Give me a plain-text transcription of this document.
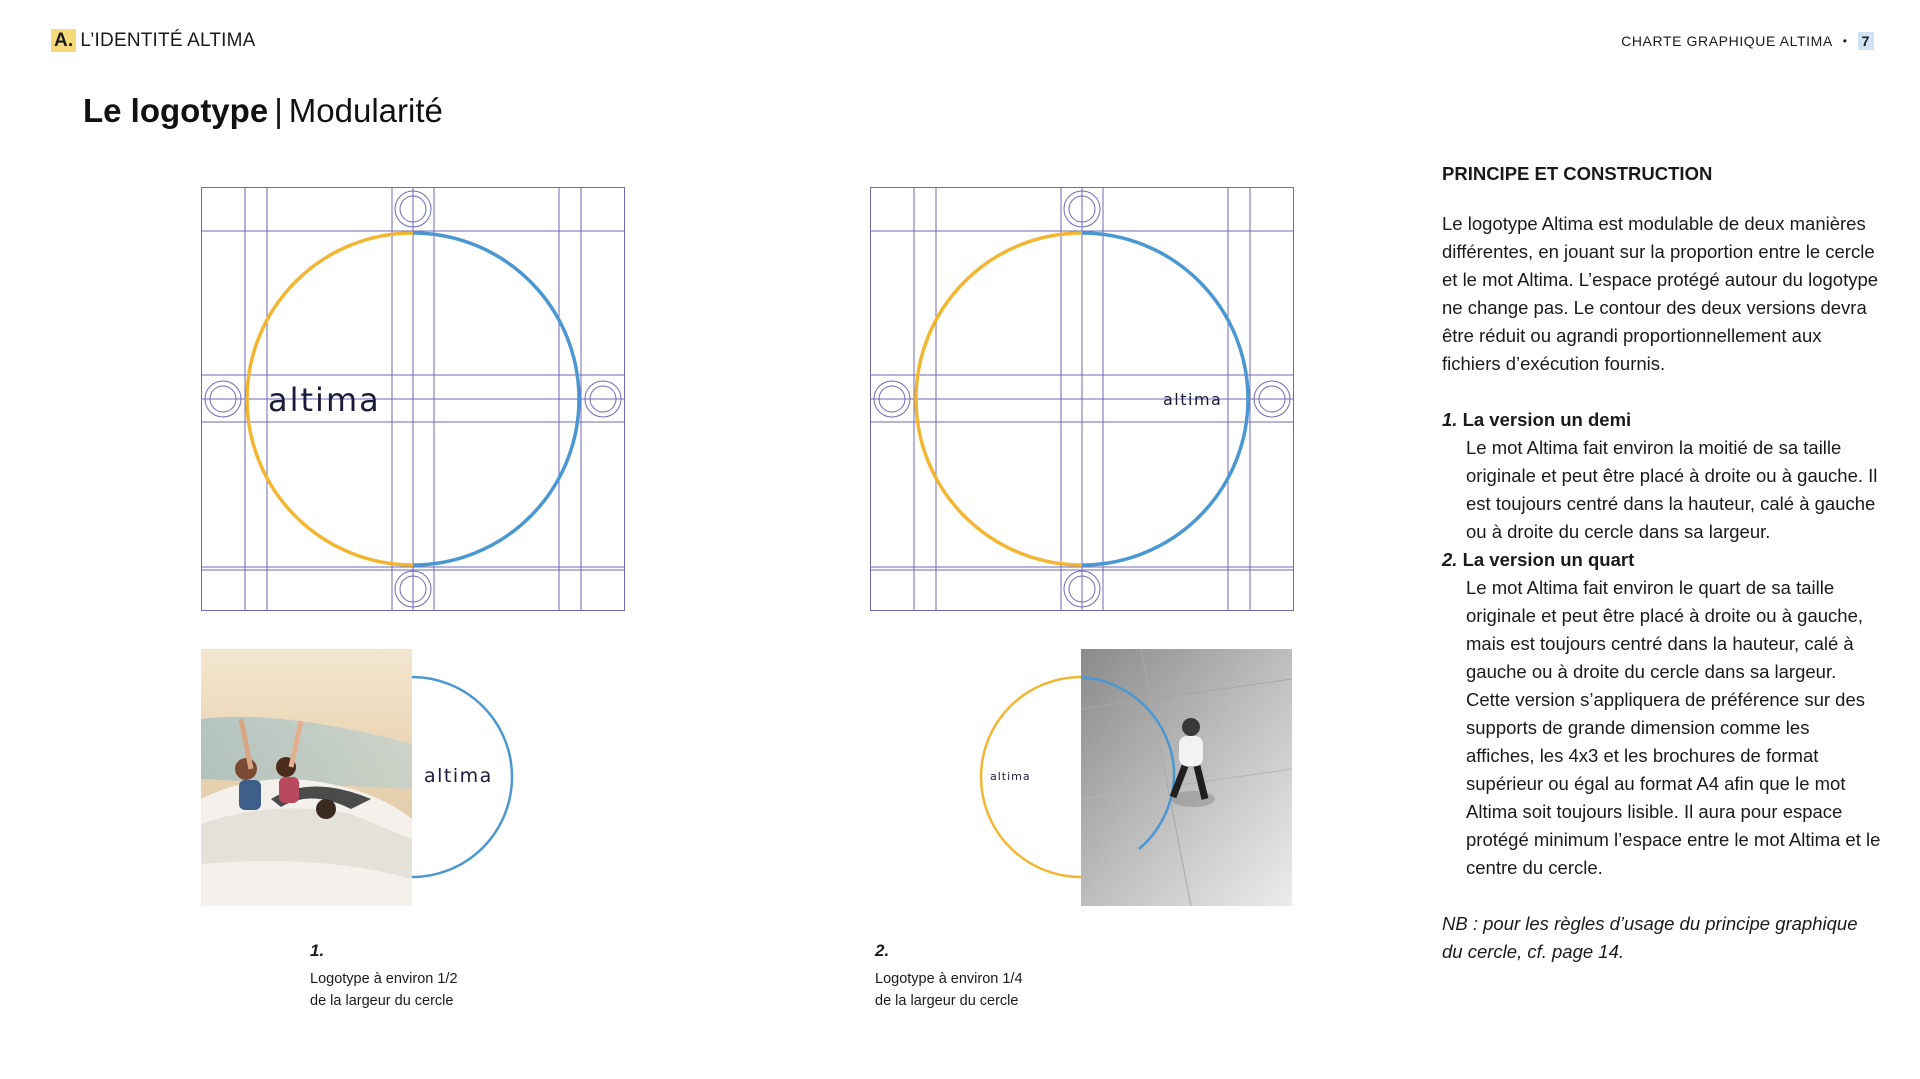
A. L’IDENTITÉ ALTIMA	CHARTE GRAPHIQUE ALTIMA • 7
Le logotype | Modularité
altima	altima
altima	altima
1.
Logotype à environ 1/2
de la largeur du cercle
2.
Logotype à environ 1/4
de la largeur du cercle
PRINCIPE ET CONSTRUCTION
Le logotype Altima est modulable de deux manières différentes, en jouant sur la proportion entre le cercle et le mot Altima. L’espace protégé autour du logotype ne change pas. Le contour des deux versions devra être réduit ou agrandi proportionnellement aux fichiers d’exécution fournis.
1. La version un demi
Le mot Altima fait environ la moitié de sa taille originale et peut être placé à droite ou à gauche. Il est toujours centré dans la hauteur, calé à gauche ou à droite du cercle dans sa largeur.
2. La version un quart
Le mot Altima fait environ le quart de sa taille originale et peut être placé à droite ou à gauche, mais est toujours centré dans la hauteur, calé à gauche ou à droite du cercle dans sa largeur.
Cette version s’appliquera de préférence sur des supports de grande dimension comme les affiches, les 4x3 et les brochures de format supérieur ou égal au format A4 afin que le mot Altima soit toujours lisible. Il aura pour espace protégé minimum l’espace entre le mot Altima et le centre du cercle.
NB : pour les règles d’usage du principe graphique du cercle, cf. page 14.
